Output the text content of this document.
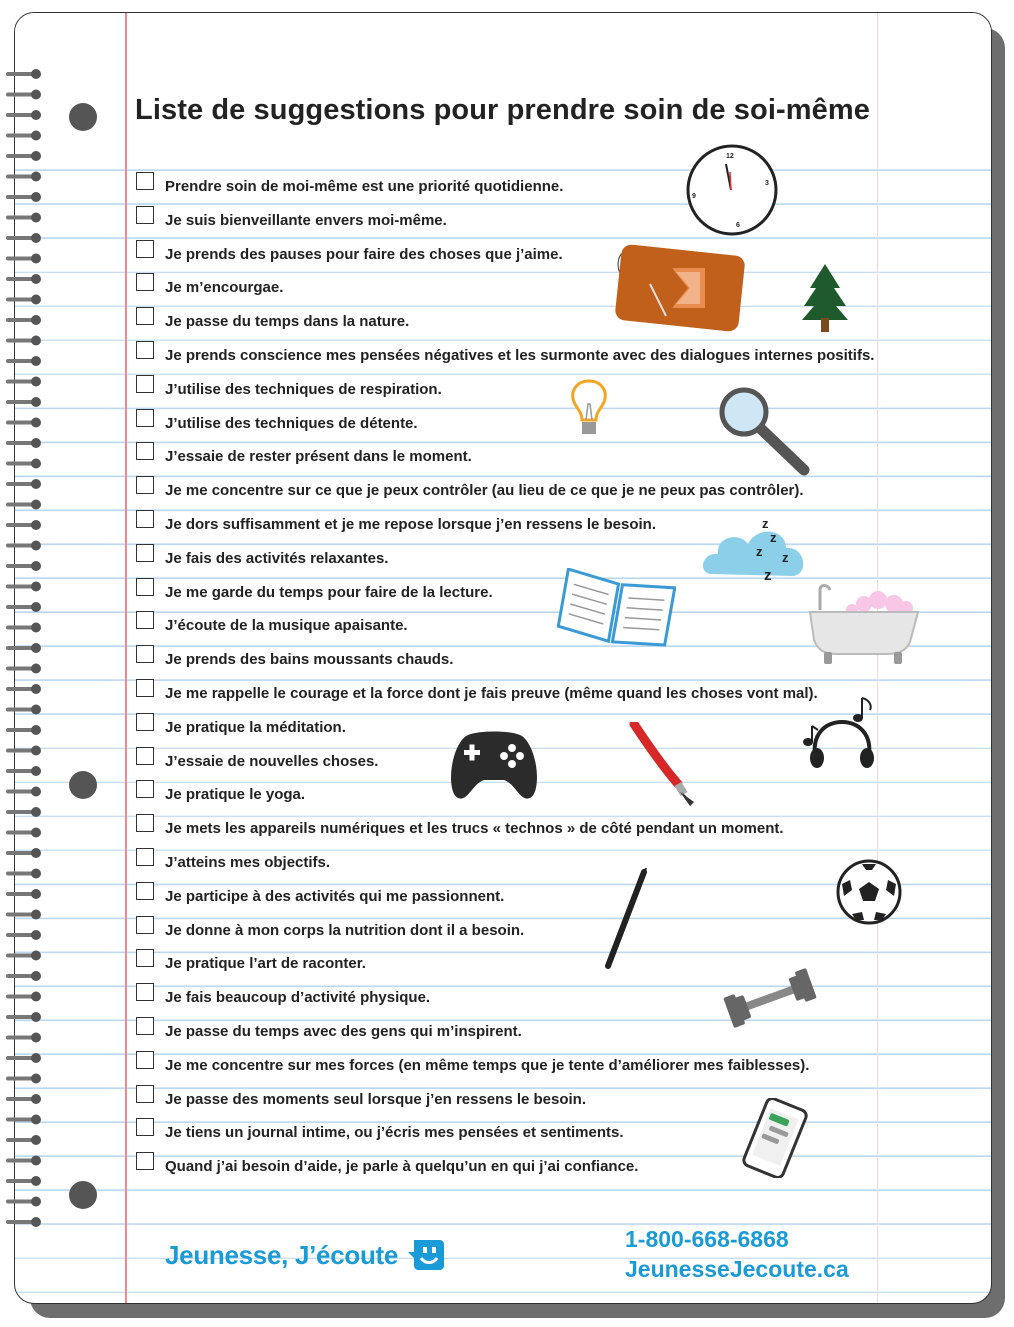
Liste de suggestions pour prendre soin de soi-même
Prendre soin de moi-même est une priorité quotidienne.
Je suis bienveillante envers moi-même.
Je prends des pauses pour faire des choses que j’aime.
Je m’encourgae.
Je passe du temps dans la nature.
Je prends conscience mes pensées négatives et les surmonte avec des dialogues internes positifs.
J’utilise des techniques de respiration.
J’utilise des techniques de détente.
J’essaie de rester présent dans le moment.
Je me concentre sur ce que je peux contrôler (au lieu de ce que je ne peux pas contrôler).
Je dors suffisamment et je me repose lorsque j’en ressens le besoin.
Je fais des activités relaxantes.
Je me garde du temps pour faire de la lecture.
J’écoute de la musique apaisante.
Je prends des bains moussants chauds.
Je me rappelle le courage et la force dont je fais preuve (même quand les choses vont mal).
Je pratique la méditation.
J’essaie de nouvelles choses.
Je pratique le yoga.
Je mets les appareils numériques et les trucs « technos » de côté pendant un moment.
J’atteins mes objectifs.
Je participe à des activités qui me passionnent.
Je donne à mon corps la nutrition dont il a besoin.
Je pratique l’art de raconter.
Je fais beaucoup d’activité physique.
Je passe du temps avec des gens qui m’inspirent.
Je me concentre sur mes forces (en même temps que je tente d’améliorer mes faiblesses).
Je passe des moments seul lorsque j’en ressens le besoin.
Je tiens un journal intime, ou j’écris mes pensées et sentiments.
Quand j’ai besoin d’aide, je parle à quelqu’un en qui j’ai confiance.
12
3
6
9
z
z
z z
z
Jeunesse, J’écoute
1-800-668-6868
JeunesseJecoute.ca
